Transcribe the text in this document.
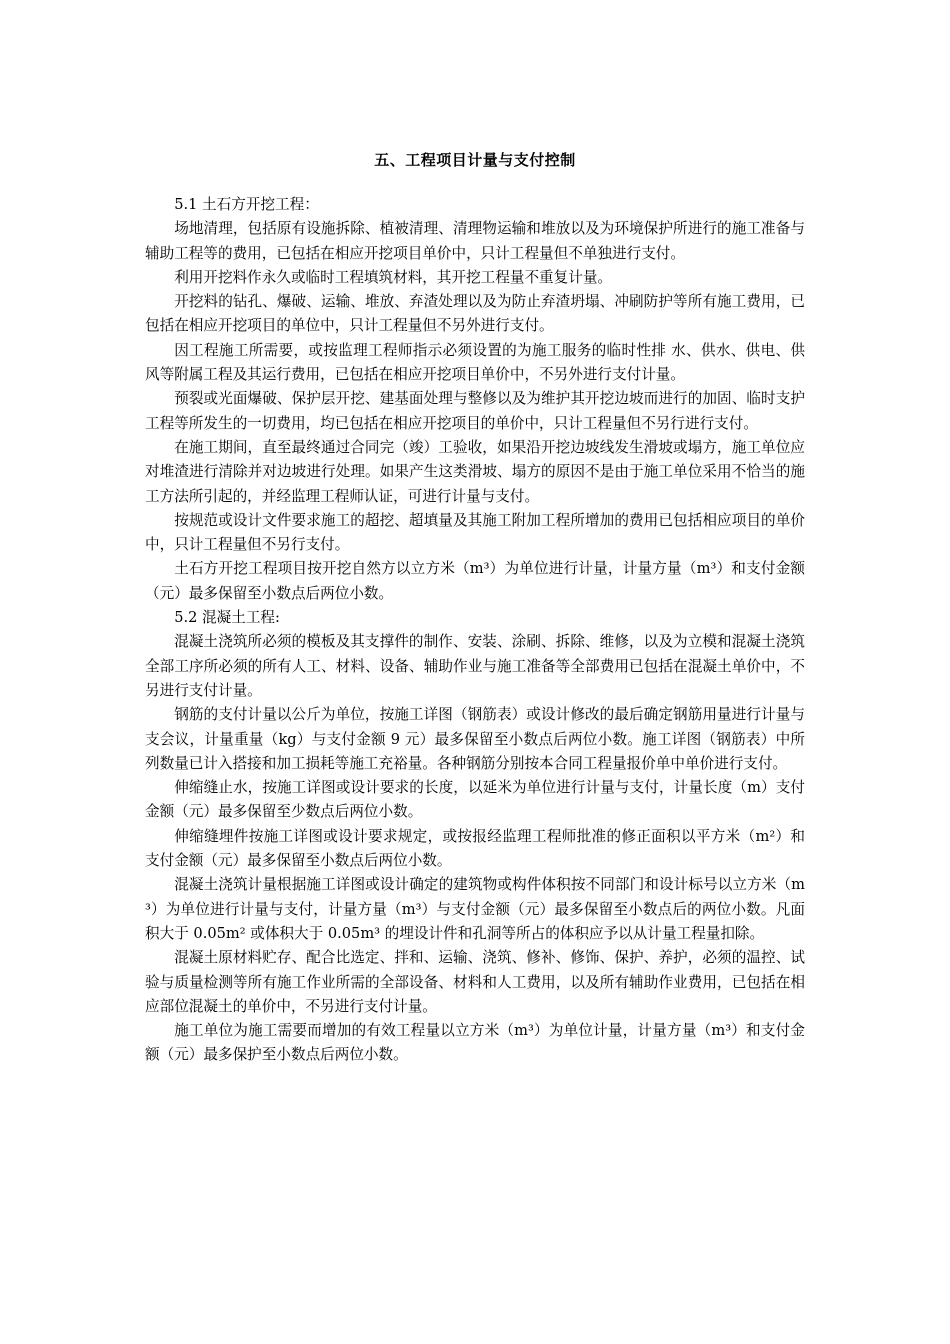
五、工程项目计量与支付控制

5.1 土石方开挖工程：

场地清理，包括原有设施拆除、植被清理、清理物运输和堆放以及为环境保护所进行的施工准备与辅助工程等的费用，已包括在相应开挖项目单价中，只计工程量但不单独进行支付。

利用开挖料作永久或临时工程填筑材料，其开挖工程量不重复计量。

开挖料的钻孔、爆破、运输、堆放、弃渣处理以及为防止弃渣坍塌、冲刷防护等所有施工费用，已包括在相应开挖项目的单位中，只计工程量但不另外进行支付。

因工程施工所需要，或按监理工程师指示必须设置的为施工服务的临时性排 水、供水、供电、供风等附属工程及其运行费用，已包括在相应开挖项目单价中，不另外进行支付计量。

预裂或光面爆破、保护层开挖、建基面处理与整修以及为维护其开挖边坡而进行的加固、临时支护工程等所发生的一切费用，均已包括在相应开挖项目的单价中，只计工程量但不另行进行支付。

在施工期间，直至最终通过合同完（竣）工验收，如果沿开挖边坡线发生滑坡或塌方，施工单位应对堆渣进行清除并对边坡进行处理。如果产生这类滑坡、塌方的原因不是由于施工单位采用不恰当的施工方法所引起的，并经监理工程师认证，可进行计量与支付。

按规范或设计文件要求施工的超挖、超填量及其施工附加工程所增加的费用已包括相应项目的单价中，只计工程量但不另行支付。

土石方开挖工程项目按开挖自然方以立方米（m³）为单位进行计量，计量方量（m³）和支付金额（元）最多保留至小数点后两位小数。

5.2 混凝土工程:

混凝土浇筑所必须的模板及其支撑件的制作、安装、涂刷、拆除、维修，以及为立模和混凝土浇筑全部工序所必须的所有人工、材料、设备、辅助作业与施工准备等全部费用已包括在混凝土单价中，不另进行支付计量。

钢筋的支付计量以公斤为单位，按施工详图（钢筋表）或设计修改的最后确定钢筋用量进行计量与支会议，计量重量（kg）与支付金额 9 元）最多保留至小数点后两位小数。施工详图（钢筋表）中所列数量已计入搭接和加工损耗等施工充裕量。各种钢筋分别按本合同工程量报价单中单价进行支付。

伸缩缝止水，按施工详图或设计要求的长度，以延米为单位进行计量与支付，计量长度（m）支付金额（元）最多保留至少数点后两位小数。

伸缩缝埋件按施工详图或设计要求规定，或按报经监理工程师批准的修正面积以平方米（m²）和支付金额（元）最多保留至小数点后两位小数。

混凝土浇筑计量根据施工详图或设计确定的建筑物或构件体积按不同部门和设计标号以立方米（m³）为单位进行计量与支付，计量方量（m³）与支付金额（元）最多保留至小数点后的两位小数。凡面积大于 0.05m² 或体积大于 0.05m³ 的埋设计件和孔洞等所占的体积应予以从计量工程量扣除。

混凝土原材料贮存、配合比选定、拌和、运输、浇筑、修补、修饰、保护、养护，必须的温控、试验与质量检测等所有施工作业所需的全部设备、材料和人工费用，以及所有辅助作业费用，已包括在相应部位混凝土的单价中，不另进行支付计量。

施工单位为施工需要而增加的有效工程量以立方米（m³）为单位计量，计量方量（m³）和支付金额（元）最多保护至小数点后两位小数。
